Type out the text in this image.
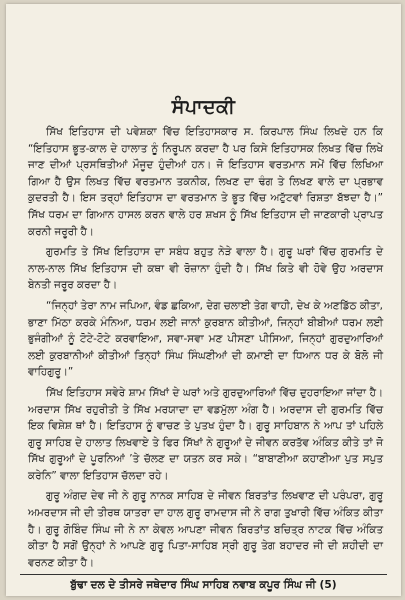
ਸੰਪਾਦਕੀ

ਸਿੱਖ ਇਤਿਹਾਸ ਦੀ ਪਵੇਸ਼ਕਾ ਵਿੱਚ ਇਤਿਹਾਸਕਾਰ ਸ. ਕਿਰਪਾਲ ਸਿੰਘ ਲਿਖਦੇ ਹਨ ਕਿ “ਇਤਿਹਾਸ ਭੂਤ-ਕਾਲ ਦੇ ਹਾਲਾਤ ਨੂੰ ਨਿਰੂਪਨ ਕਰਦਾ ਹੈ ਪਰ ਕਿਸੇ ਇਤਿਹਾਸਕ ਲਿਖਤ ਵਿੱਚ ਲਿਖੇ ਜਾਣ ਦੀਆਂ ਪ੍ਰਸਥਿਤੀਆਂ ਮੌਜੂਦ ਹੁੰਦੀਆਂ ਹਨ। ਜੋ ਇਤਿਹਾਸ ਵਰਤਮਾਨ ਸਮੇਂ ਵਿੱਚ ਲਿਖਿਆ ਗਿਆ ਹੈ ਉਸ ਲਿਖਤ ਵਿੱਚ ਵਰਤਮਾਨ ਤਕਨੀਕ, ਲਿਖਣ ਦਾ ਢੰਗ ਤੇ ਲਿਖਣ ਵਾਲੇ ਦਾ ਪ੍ਰਭਾਵ ਕੁਦਰਤੀ ਹੈ। ਇਸ ਤਰ੍ਹਾਂ ਇਤਿਹਾਸ ਦਾ ਵਰਤਮਾਨ ਤੇ ਭੂਤ ਵਿੱਚ ਅਟੁੱਟਵਾਂ ਰਿਸ਼ਤਾ ਬੱਝਦਾ ਹੈ।” ਸਿੱਖ ਧਰਮ ਦਾ ਗਿਆਨ ਹਾਸਲ ਕਰਨ ਵਾਲੇ ਹਰ ਸ਼ਖਸ ਨੂੰ ਸਿੱਖ ਇਤਿਹਾਸ ਦੀ ਜਾਣਕਾਰੀ ਪ੍ਰਾਪਤ ਕਰਨੀ ਜਰੂਰੀ ਹੈ।

ਗੁਰਮਤਿ ਤੇ ਸਿੱਖ ਇਤਿਹਾਸ ਦਾ ਸਬੰਧ ਬਹੁਤ ਨੇੜੇ ਵਾਲਾ ਹੈ। ਗੁਰੂ ਘਰਾਂ ਵਿੱਚ ਗੁਰਮਤਿ ਦੇ ਨਾਲ-ਨਾਲ ਸਿੱਖ ਇਤਿਹਾਸ ਦੀ ਕਥਾ ਵੀ ਰੋਜ਼ਾਨਾ ਹੁੰਦੀ ਹੈ। ਸਿੱਖ ਕਿਤੇ ਵੀ ਹੋਵੇ ਉਹ ਅਰਦਾਸ ਬੇਨਤੀ ਜਰੂਰ ਕਰਦਾ ਹੈ।

“ਜਿਨ੍ਹਾਂ ਤੇਰਾ ਨਾਮ ਜਪਿਆ, ਵੰਡ ਛਕਿਆ, ਦੇਗ ਚਲਾਈ ਤੇਗ ਵਾਹੀ, ਦੇਖ ਕੇ ਅਣਡਿੱਠ ਕੀਤਾ, ਭਾਣਾ ਮਿੱਠਾ ਕਰਕੇ ਮੰਨਿਆ, ਧਰਮ ਲਈ ਜਾਨਾਂ ਕੁਰਬਾਨ ਕੀਤੀਆਂ, ਜਿਨ੍ਹਾਂ ਬੀਬੀਆਂ ਧਰਮ ਲਈ ਭੁਜੰਗੀਆਂ ਨੂੰ ਟੋਟੇ-ਟੋਟੇ ਕਰਵਾਇਆ, ਸਵਾ-ਸਵਾ ਮਣ ਪੀਸਣਾ ਪੀਸਿਆ, ਜਿਨ੍ਹਾਂ ਗੁਰਦੁਆਰਿਆਂ ਲਈ ਕੁਰਬਾਨੀਆਂ ਕੀਤੀਆਂ ਤਿਨ੍ਹਾਂ ਸਿੰਘ ਸਿੰਘਣੀਆਂ ਦੀ ਕਮਾਈ ਦਾ ਧਿਆਨ ਧਰ ਕੇ ਬੋਲੋ ਜੀ ਵਾਹਿਗੁਰੂ।”

ਸਿੱਖ ਇਤਿਹਾਸ ਸਵੇਰੇ ਸ਼ਾਮ ਸਿੱਖਾਂ ਦੇ ਘਰਾਂ ਅਤੇ ਗੁਰਦੁਆਰਿਆਂ ਵਿੱਚ ਦੁਹਰਾਇਆ ਜਾਂਦਾ ਹੈ। ਅਰਦਾਸ ਸਿੱਖ ਰਹੁਰੀਤੀ ਤੇ ਸਿੱਖ ਮਰਯਾਦਾ ਦਾ ਵਡਮੁੱਲਾ ਅੰਗ ਹੈ। ਅਰਦਾਸ ਦੀ ਗੁਰਮਤਿ ਵਿੱਚ ਇਕ ਵਿਸ਼ੇਸ਼ ਥਾਂ ਹੈ। ਇਤਿਹਾਸ ਨੂੰ ਵਾਚਣ ਤੇ ਪੁਤਖ ਹੁੰਦਾ ਹੈ। ਗੁਰੂ ਸਾਹਿਬਾਨ ਨੇ ਆਪ ਤਾਂ ਪਹਿਲੇ ਗੁਰੂ ਸਾਹਿਬ ਦੇ ਹਾਲਾਤ ਲਿਖਵਾਏ ਤੇ ਫਿਰ ਸਿੱਖਾਂ ਨੇ ਗੁਰੂਆਂ ਦੇ ਜੀਵਨ ਕਰਤੱਵ ਅੰਕਿਤ ਕੀਤੇ ਤਾਂ ਜੋ ਸਿੱਖ ਗੁਰੂਆਂ ਦੇ ਪੂਰਨਿਆਂ ’ਤੇ ਚੱਲਣ ਦਾ ਯਤਨ ਕਰ ਸਕੇ। “ਬਾਬਾਣੀਆ ਕਹਾਣੀਆ ਪੁਤ ਸਪੁਤ ਕਰੇਨਿ” ਵਾਲਾ ਇਤਿਹਾਸ ਚੱਲਦਾ ਰਹੇ।

ਗੁਰੂ ਅੰਗਦ ਦੇਵ ਜੀ ਨੇ ਗੁਰੂ ਨਾਨਕ ਸਾਹਿਬ ਦੇ ਜੀਵਨ ਬਿਰਤਾਂਤ ਲਿਖਵਾਣ ਦੀ ਪਰੰਪਰਾ, ਗੁਰੂ ਅਮਰਦਾਸ ਜੀ ਦੀ ਤੀਰਥ ਯਾਤਰਾ ਦਾ ਹਾਲ ਗੁਰੂ ਰਾਮਦਾਸ ਜੀ ਨੇ ਰਾਗ ਤੁਖਾਰੀ ਵਿੱਚ ਅੰਕਿਤ ਕੀਤਾ ਹੈ। ਗੁਰੂ ਗੋਬਿੰਦ ਸਿੰਘ ਜੀ ਨੇ ਨਾ ਕੇਵਲ ਆਪਣਾ ਜੀਵਨ ਬਿਰਤਾਂਤ ਬਚਿਤ੍ਰ ਨਾਟਕ ਵਿੱਚ ਅੰਕਿਤ ਕੀਤਾ ਹੈ ਸਗੋਂ ਉਨ੍ਹਾਂ ਨੇ ਆਪਣੇ ਗੁਰੂ ਪਿਤਾ-ਸਾਹਿਬ ਸ੍ਰੀ ਗੁਰੂ ਤੇਗ ਬਹਾਦਰ ਜੀ ਦੀ ਸ਼ਹੀਦੀ ਦਾ ਵਰਨਣ ਕੀਤਾ ਹੈ।

ਬੁੱਢਾ ਦਲ ਦੇ ਤੀਸਰੇ ਜਥੇਦਾਰ ਸਿੰਘ ਸਾਹਿਬ ਨਵਾਬ ਕਪੂਰ ਸਿੰਘ ਜੀ (5)
